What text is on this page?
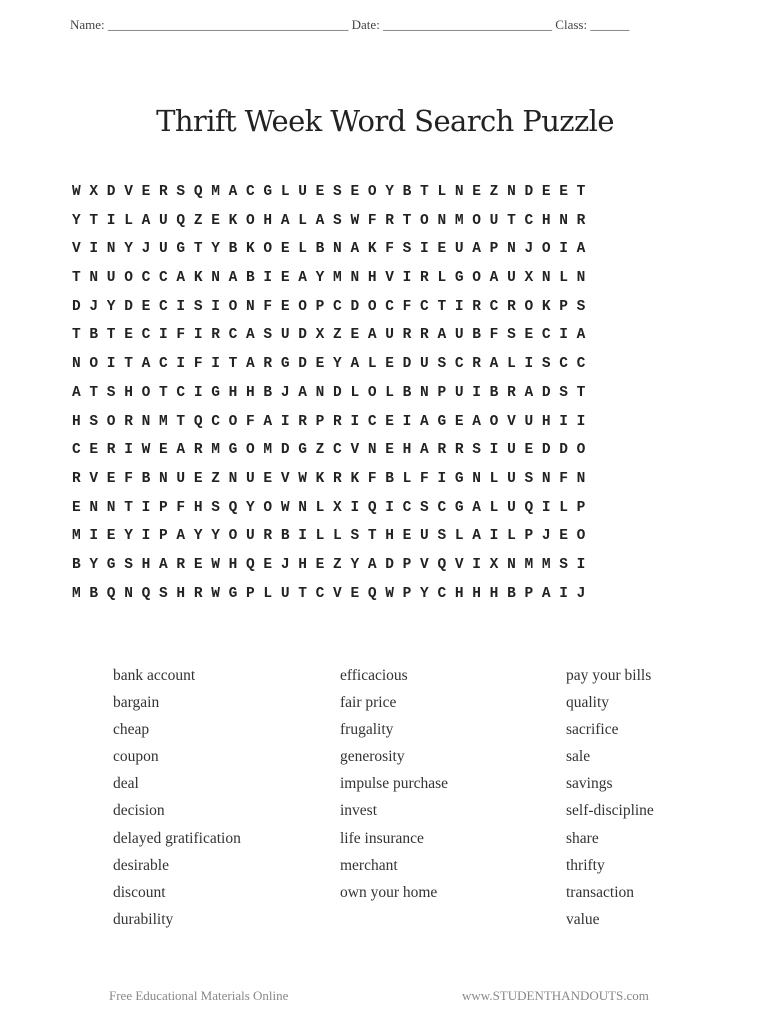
Name: _____________________________________ Date: __________________________ Class: ______
Thrift Week Word Search Puzzle
W X D V E R S Q M A C G L U E S E O Y B T L N E Z N D E E T
Y T I L A U Q Z E K O H A L A S W F R T O N M O U T C H N R
V I N Y J U G T Y B K O E L B N A K F S I E U A P N J O I A
T N U O C C A K N A B I E A Y M N H V I R L G O A U X N L N
D J Y D E C I S I O N F E O P C D O C F C T I R C R O K P S
T B T E C I F I R C A S U D X Z E A U R R A U B F S E C I A
N O I T A C I F I T A R G D E Y A L E D U S C R A L I S C C
A T S H O T C I G H H B J A N D L O L B N P U I B R A D S T
H S O R N M T Q C O F A I R P R I C E I A G E A O V U H I I
C E R I W E A R M G O M D G Z C V N E H A R R S I U E D D O
R V E F B N U E Z N U E V W K R K F B L F I G N L U S N F N
E N N T I P F H S Q Y O W N L X I Q I C S C G A L U Q I L P
M I E Y I P A Y Y O U R B I L L S T H E U S L A I L P J E O
B Y G S H A R E W H Q E J H E Z Y A D P V Q V I X N M M S I
M B Q N Q S H R W G P L U T C V E Q W P Y C H H H B P A I J
bank account
bargain
cheap
coupon
deal
decision
delayed gratification
desirable
discount
durability
efficacious
fair price
frugality
generosity
impulse purchase
invest
life insurance
merchant
own your home
pay your bills
quality
sacrifice
sale
savings
self-discipline
share
thrifty
transaction
value
Free Educational Materials Online	www.STUDENTHANDOUTS.com
